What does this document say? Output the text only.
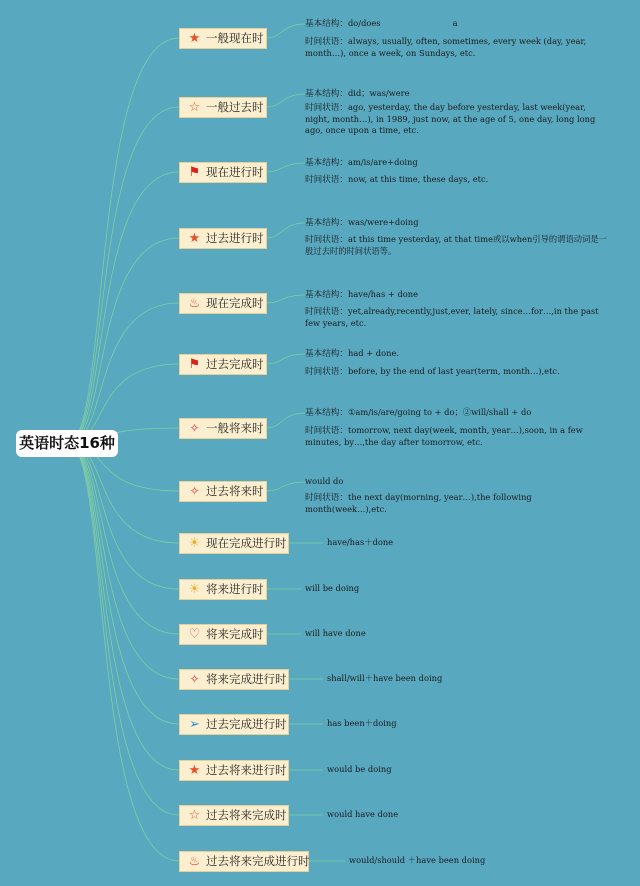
英语时态16种
★ 一般现在时
基本结构：do/does	a
时间状语：always, usually, often, sometimes, every week (day, year, month…), once a week, on Sundays, etc.
☆ 一般过去时
基本结构：did；was/were
时间状语：ago, yesterday, the day before yesterday, last week(year, night, month…), in 1989, just now, at the age of 5, one day, long long ago, once upon a time, etc.
⚑ 现在进行时
基本结构：am/is/are+doing
时间状语：now, at this time, these days, etc.
★ 过去进行时
基本结构：was/were+doing
时间状语：at this time yesterday, at that time或以when引导的谓语动词是一般过去时的时间状语等。
♨ 现在完成时
基本结构：have/has + done
时间状语：yet,already,recently,just,ever, lately, since…for…,in the past few years, etc.
⚑ 过去完成时
基本结构：had + done.
时间状语：before, by the end of last year(term, month…),etc.
✧ 一般将来时
基本结构：①am/is/are/going to + do；②will/shall + do
时间状语：tomorrow, next day(week, month, year…),soon, in a few minutes, by…,the day after tomorrow, etc.
✧ 过去将来时
would do
时间状语：the next day(morning, year…),the following month(week…),etc.
☀ 现在完成进行时	have/has＋done
☀ 将来进行时	will be doing
♡ 将来完成时	will have done
✧ 将来完成进行时	shall/will＋have been doing
➢ 过去完成进行时	has been＋doing
★ 过去将来进行时	would be doing
☆ 过去将来完成时	would have done
♨ 过去将来完成进行时	would/should ＋have been doing
